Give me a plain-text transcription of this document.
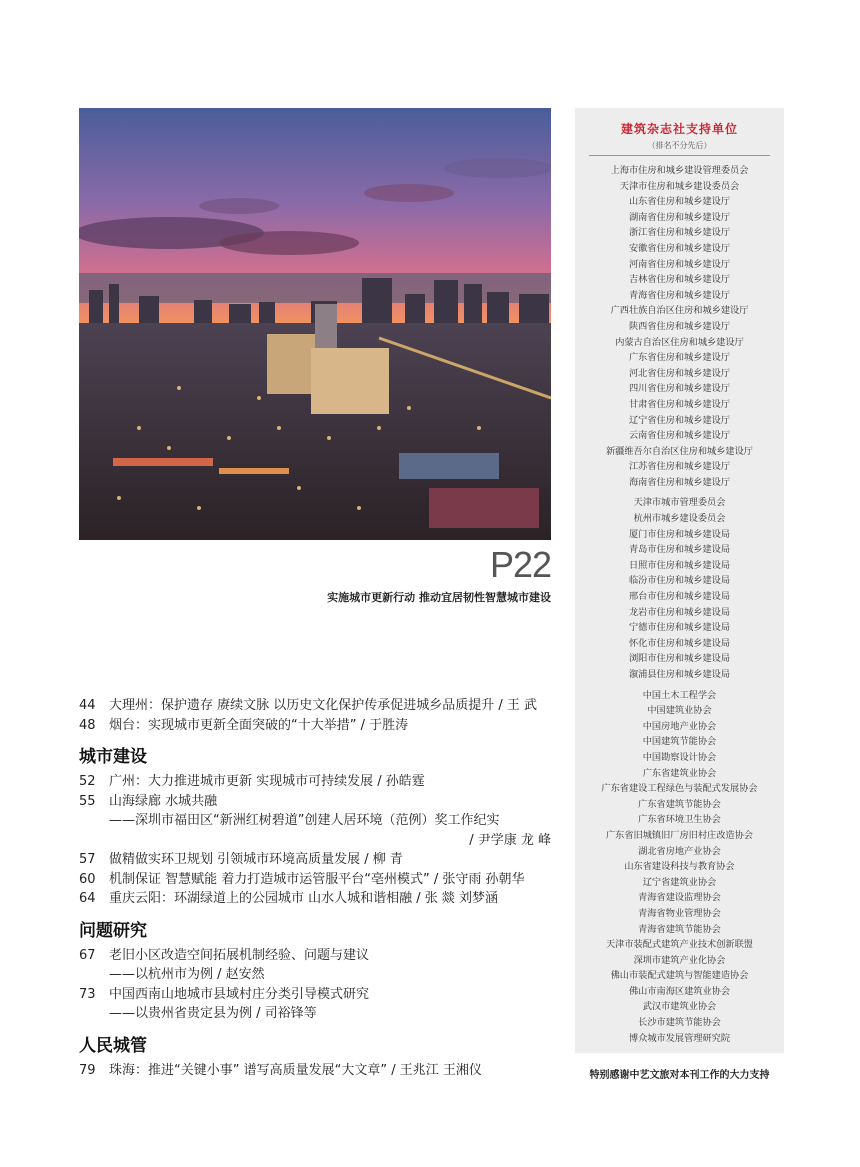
P22
实施城市更新行动 推动宜居韧性智慧城市建设
44	大理州：保护遗存 赓续文脉 以历史文化保护传承促进城乡品质提升 / 王 武
48	烟台：实现城市更新全面突破的“十大举措” / 于胜涛
城市建设
52	广州：大力推进城市更新 实现城市可持续发展 / 孙皓霆
55	山海绿廊 水城共融
——深圳市福田区“新洲红树碧道”创建人居环境（范例）奖工作纪实
/ 尹学康 龙 峰
57	做精做实环卫规划 引领城市环境高质量发展 / 柳 青
60	机制保证 智慧赋能 着力打造城市运管服平台“亳州模式” / 张守雨 孙朝华
64	重庆云阳：环湖绿道上的公园城市 山水人城和谐相融 / 张 燚 刘梦涵
问题研究
67	老旧小区改造空间拓展机制经验、问题与建议
——以杭州市为例 / 赵安然
73	中国西南山地城市县域村庄分类引导模式研究
——以贵州省贵定县为例 / 司裕锋等
人民城管
79	珠海：推进“关键小事” 谱写高质量发展“大文章” / 王兆江 王湘仪
建筑杂志社支持单位
（排名不分先后）
上海市住房和城乡建设管理委员会
天津市住房和城乡建设委员会
山东省住房和城乡建设厅
湖南省住房和城乡建设厅
浙江省住房和城乡建设厅
安徽省住房和城乡建设厅
河南省住房和城乡建设厅
吉林省住房和城乡建设厅
青海省住房和城乡建设厅
广西壮族自治区住房和城乡建设厅
陕西省住房和城乡建设厅
内蒙古自治区住房和城乡建设厅
广东省住房和城乡建设厅
河北省住房和城乡建设厅
四川省住房和城乡建设厅
甘肃省住房和城乡建设厅
辽宁省住房和城乡建设厅
云南省住房和城乡建设厅
新疆维吾尔自治区住房和城乡建设厅
江苏省住房和城乡建设厅
海南省住房和城乡建设厅
天津市城市管理委员会
杭州市城乡建设委员会
厦门市住房和城乡建设局
青岛市住房和城乡建设局
日照市住房和城乡建设局
临汾市住房和城乡建设局
邢台市住房和城乡建设局
龙岩市住房和城乡建设局
宁德市住房和城乡建设局
怀化市住房和城乡建设局
浏阳市住房和城乡建设局
溆浦县住房和城乡建设局
中国土木工程学会
中国建筑业协会
中国房地产业协会
中国建筑节能协会
中国勘察设计协会
广东省建筑业协会
广东省建设工程绿色与装配式发展协会
广东省建筑节能协会
广东省环境卫生协会
广东省旧城镇旧厂房旧村庄改造协会
湖北省房地产业协会
山东省建设科技与教育协会
辽宁省建筑业协会
青海省建设监理协会
青海省物业管理协会
青海省建筑节能协会
天津市装配式建筑产业技术创新联盟
深圳市建筑产业化协会
佛山市装配式建筑与智能建造协会
佛山市南海区建筑业协会
武汉市建筑业协会
长沙市建筑节能协会
博众城市发展管理研究院
特别感谢中艺文旅对本刊工作的大力支持
